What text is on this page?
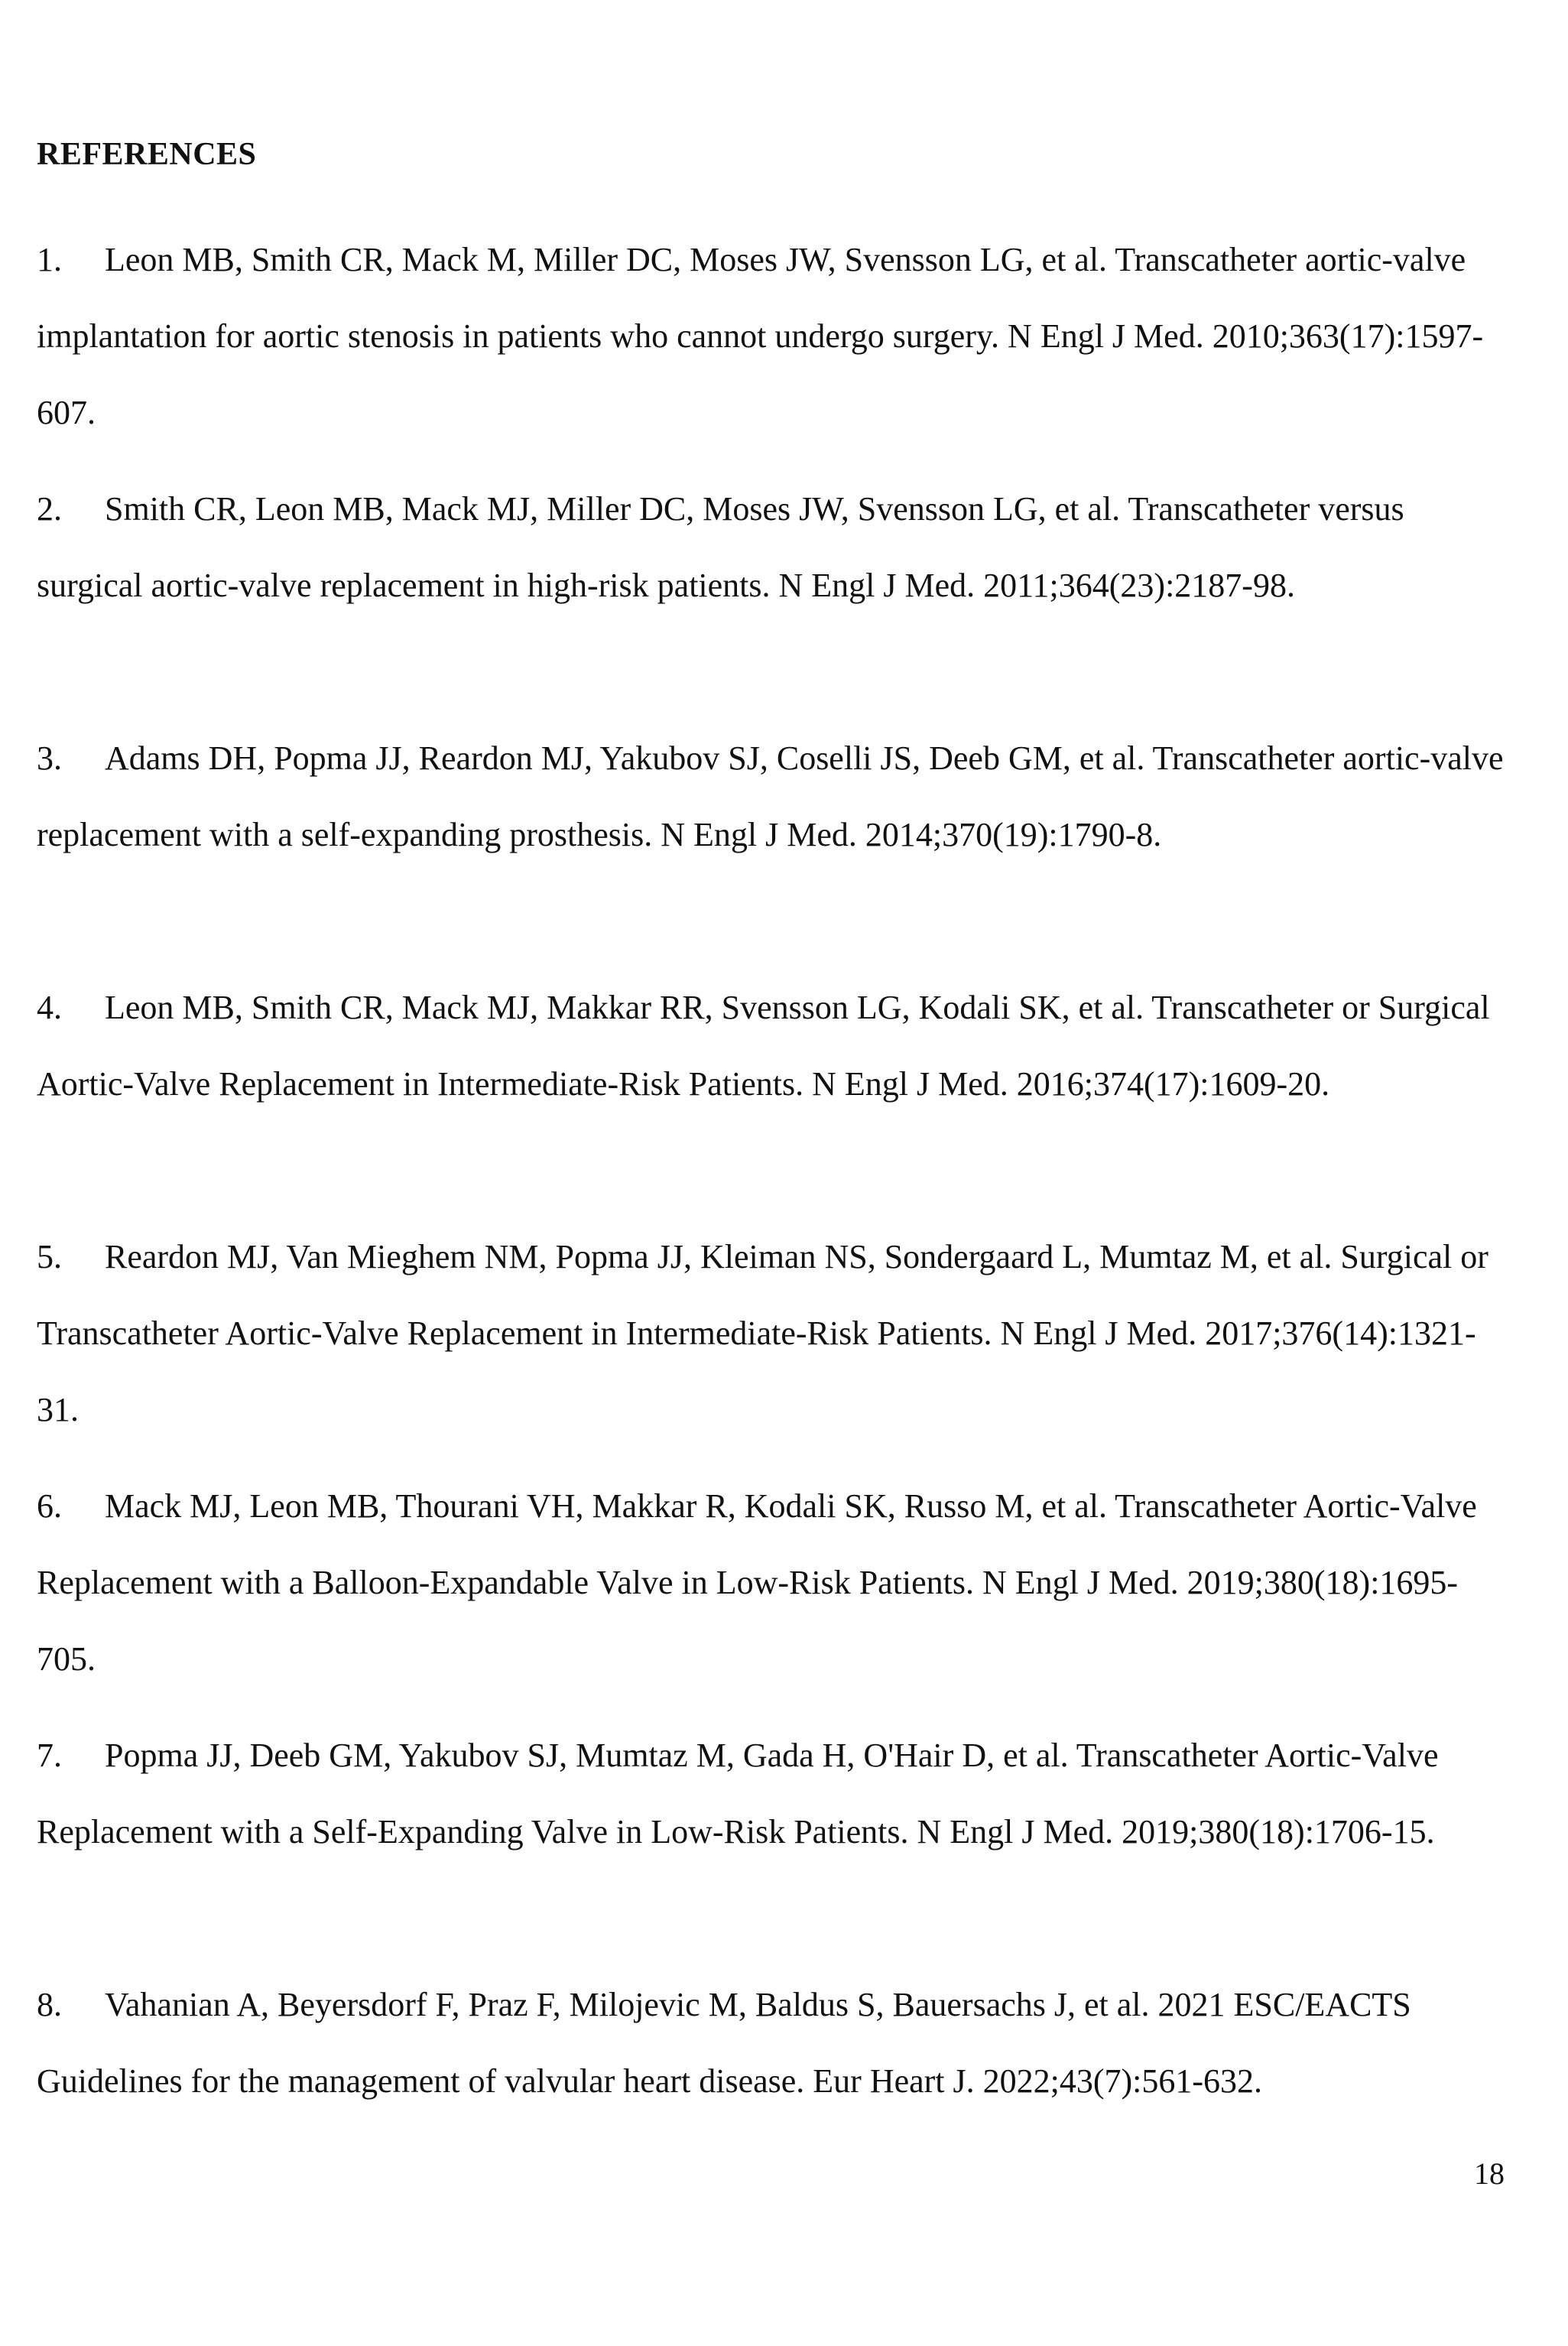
REFERENCES
1. Leon MB, Smith CR, Mack M, Miller DC, Moses JW, Svensson LG, et al. Transcatheter aortic-valve implantation for aortic stenosis in patients who cannot undergo surgery. N Engl J Med. 2010;363(17):1597-607.
2. Smith CR, Leon MB, Mack MJ, Miller DC, Moses JW, Svensson LG, et al. Transcatheter versus surgical aortic-valve replacement in high-risk patients. N Engl J Med. 2011;364(23):2187-98.
3. Adams DH, Popma JJ, Reardon MJ, Yakubov SJ, Coselli JS, Deeb GM, et al. Transcatheter aortic-valve replacement with a self-expanding prosthesis. N Engl J Med. 2014;370(19):1790-8.
4. Leon MB, Smith CR, Mack MJ, Makkar RR, Svensson LG, Kodali SK, et al. Transcatheter or Surgical Aortic-Valve Replacement in Intermediate-Risk Patients. N Engl J Med. 2016;374(17):1609-20.
5. Reardon MJ, Van Mieghem NM, Popma JJ, Kleiman NS, Sondergaard L, Mumtaz M, et al. Surgical or Transcatheter Aortic-Valve Replacement in Intermediate-Risk Patients. N Engl J Med. 2017;376(14):1321-31.
6. Mack MJ, Leon MB, Thourani VH, Makkar R, Kodali SK, Russo M, et al. Transcatheter Aortic-Valve Replacement with a Balloon-Expandable Valve in Low-Risk Patients. N Engl J Med. 2019;380(18):1695-705.
7. Popma JJ, Deeb GM, Yakubov SJ, Mumtaz M, Gada H, O'Hair D, et al. Transcatheter Aortic-Valve Replacement with a Self-Expanding Valve in Low-Risk Patients. N Engl J Med. 2019;380(18):1706-15.
8. Vahanian A, Beyersdorf F, Praz F, Milojevic M, Baldus S, Bauersachs J, et al. 2021 ESC/EACTS Guidelines for the management of valvular heart disease. Eur Heart J. 2022;43(7):561-632.
18
